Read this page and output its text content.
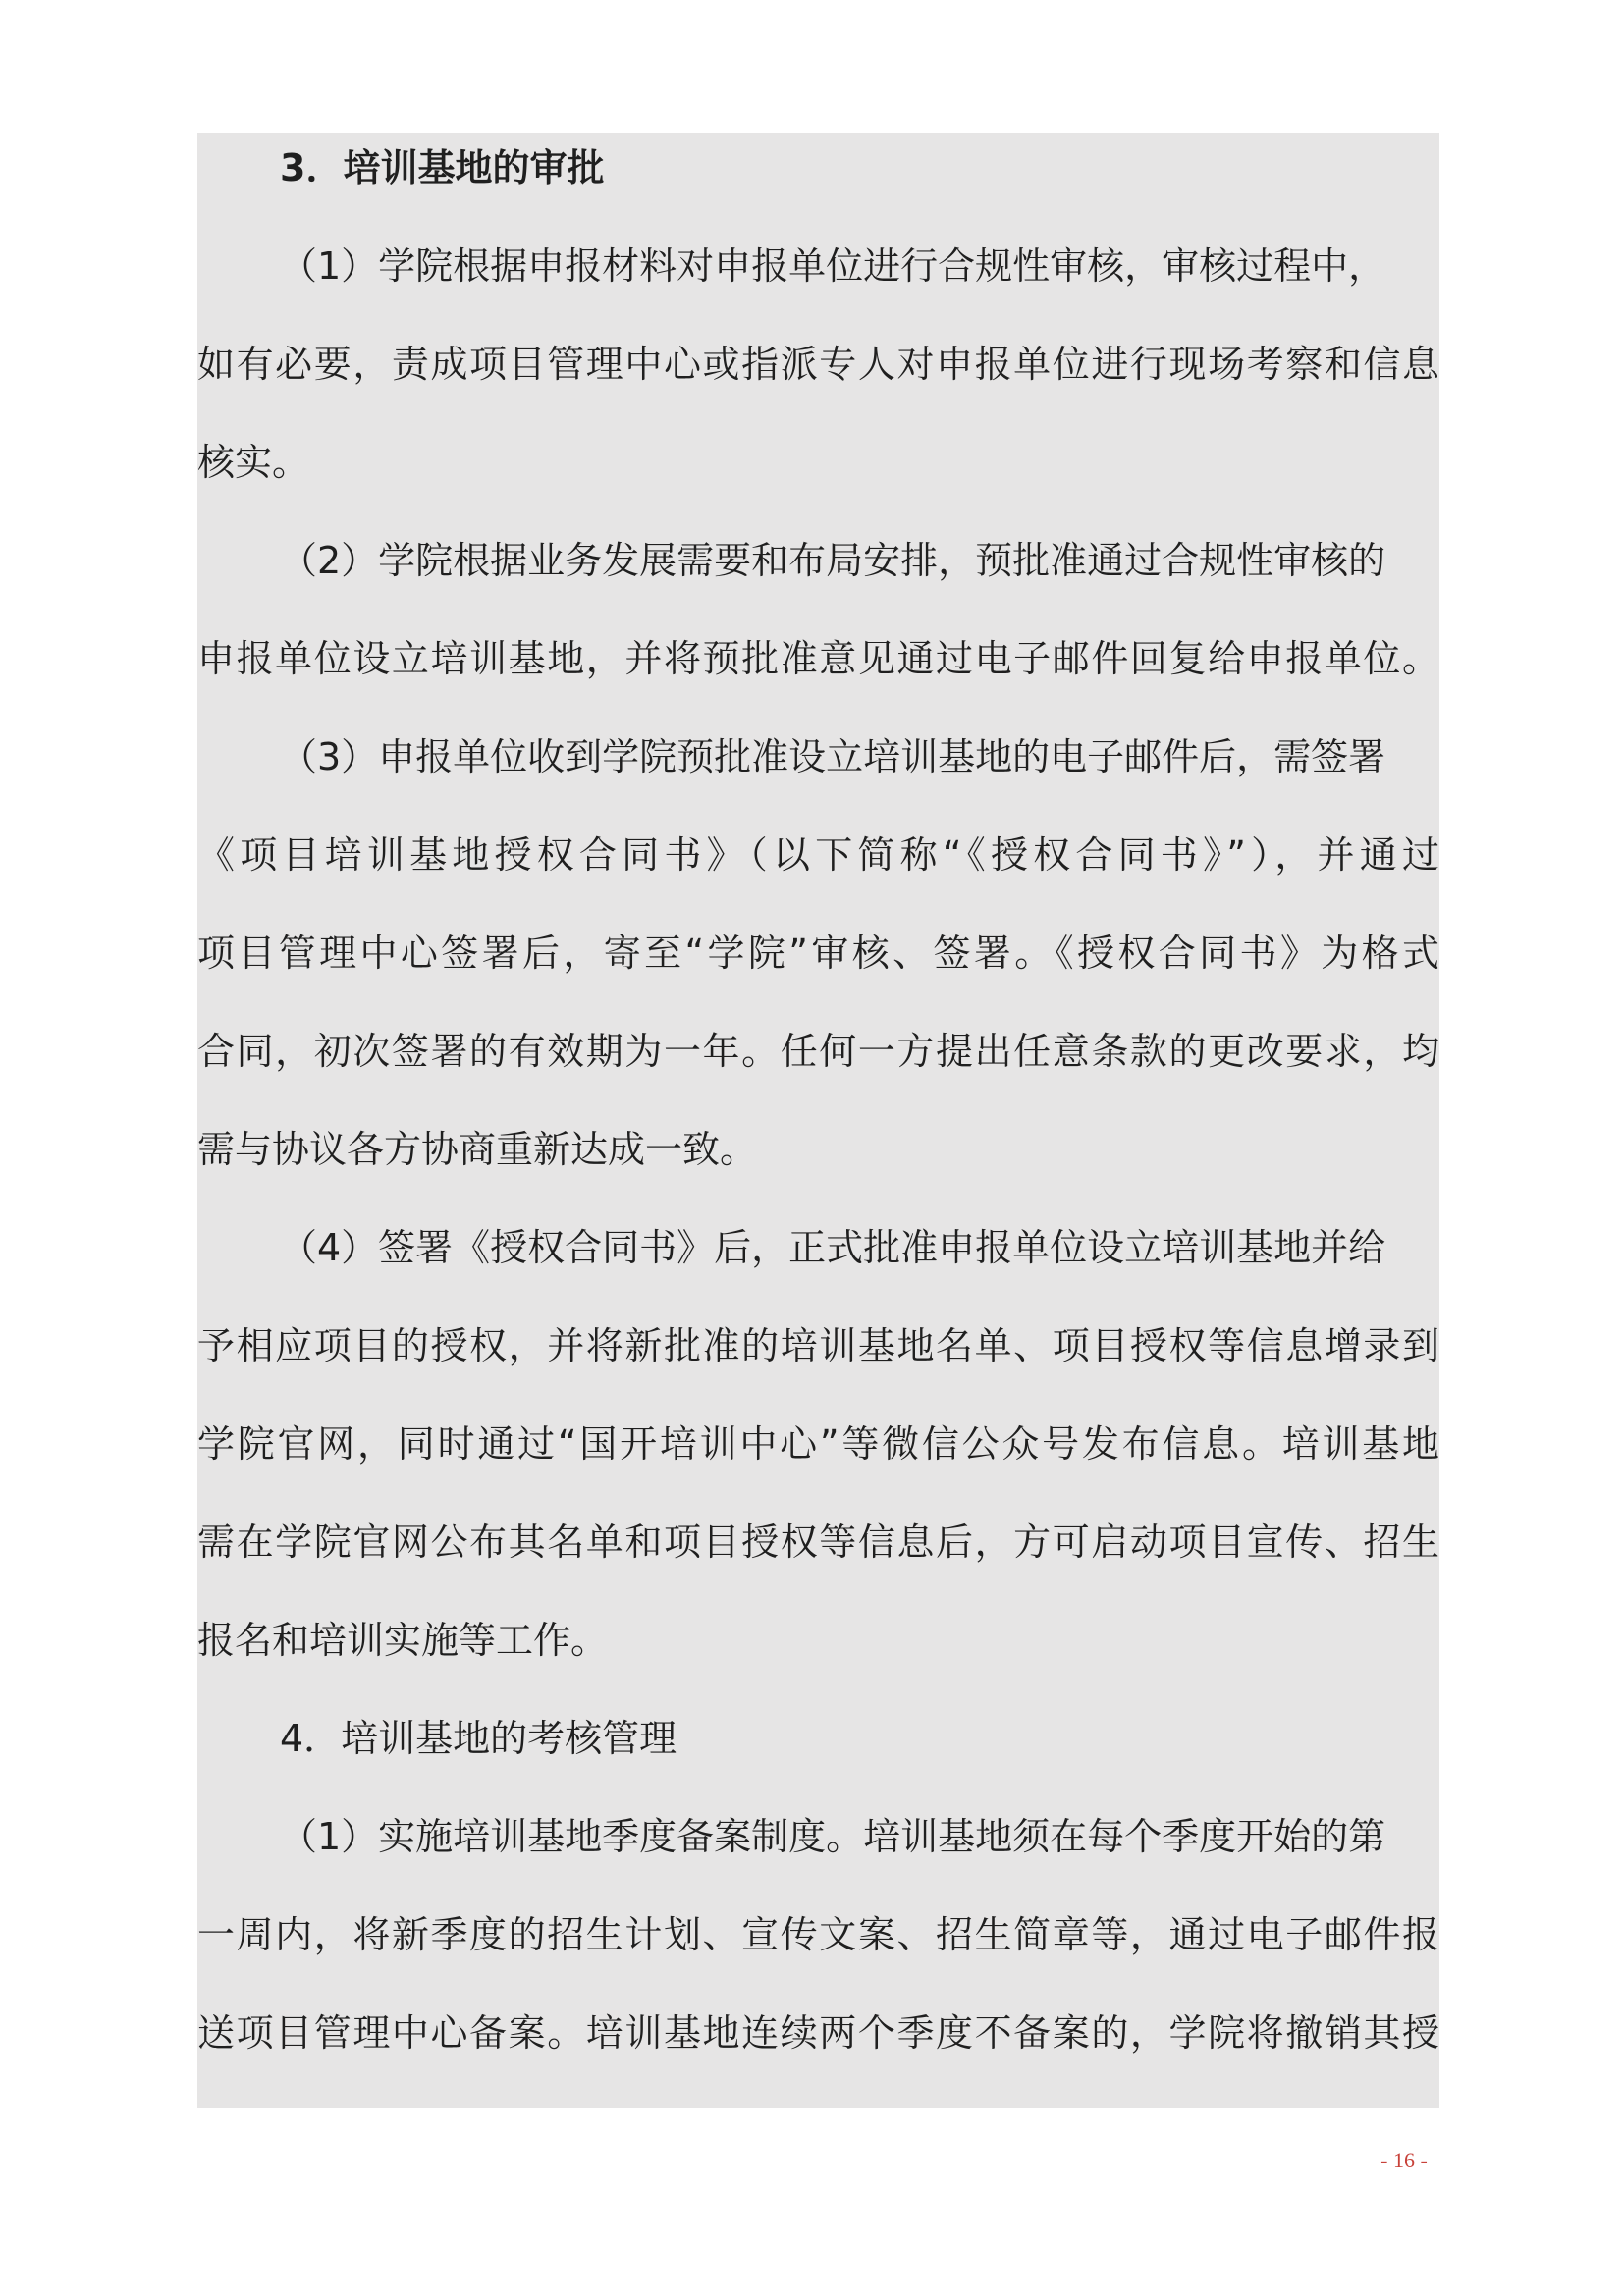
3．培训基地的审批
（1）学院根据申报材料对申报单位进行合规性审核，审核过程中，
如有必要，责成项目管理中心或指派专人对申报单位进行现场考察和信息
核实。
（2）学院根据业务发展需要和布局安排，预批准通过合规性审核的
申报单位设立培训基地，并将预批准意见通过电子邮件回复给申报单位。
（3）申报单位收到学院预批准设立培训基地的电子邮件后，需签署
《项目培训基地授权合同书》（以下简称“《授权合同书》”），并通过
项目管理中心签署后，寄至“学院”审核、签署。《授权合同书》为格式
合同，初次签署的有效期为一年。任何一方提出任意条款的更改要求，均
需与协议各方协商重新达成一致。
（4）签署《授权合同书》后，正式批准申报单位设立培训基地并给
予相应项目的授权，并将新批准的培训基地名单、项目授权等信息增录到
学院官网，同时通过“国开培训中心”等微信公众号发布信息。培训基地
需在学院官网公布其名单和项目授权等信息后，方可启动项目宣传、招生
报名和培训实施等工作。
4．培训基地的考核管理
（1）实施培训基地季度备案制度。培训基地须在每个季度开始的第
一周内，将新季度的招生计划、宣传文案、招生简章等，通过电子邮件报
送项目管理中心备案。培训基地连续两个季度不备案的，学院将撤销其授
- 16 -
